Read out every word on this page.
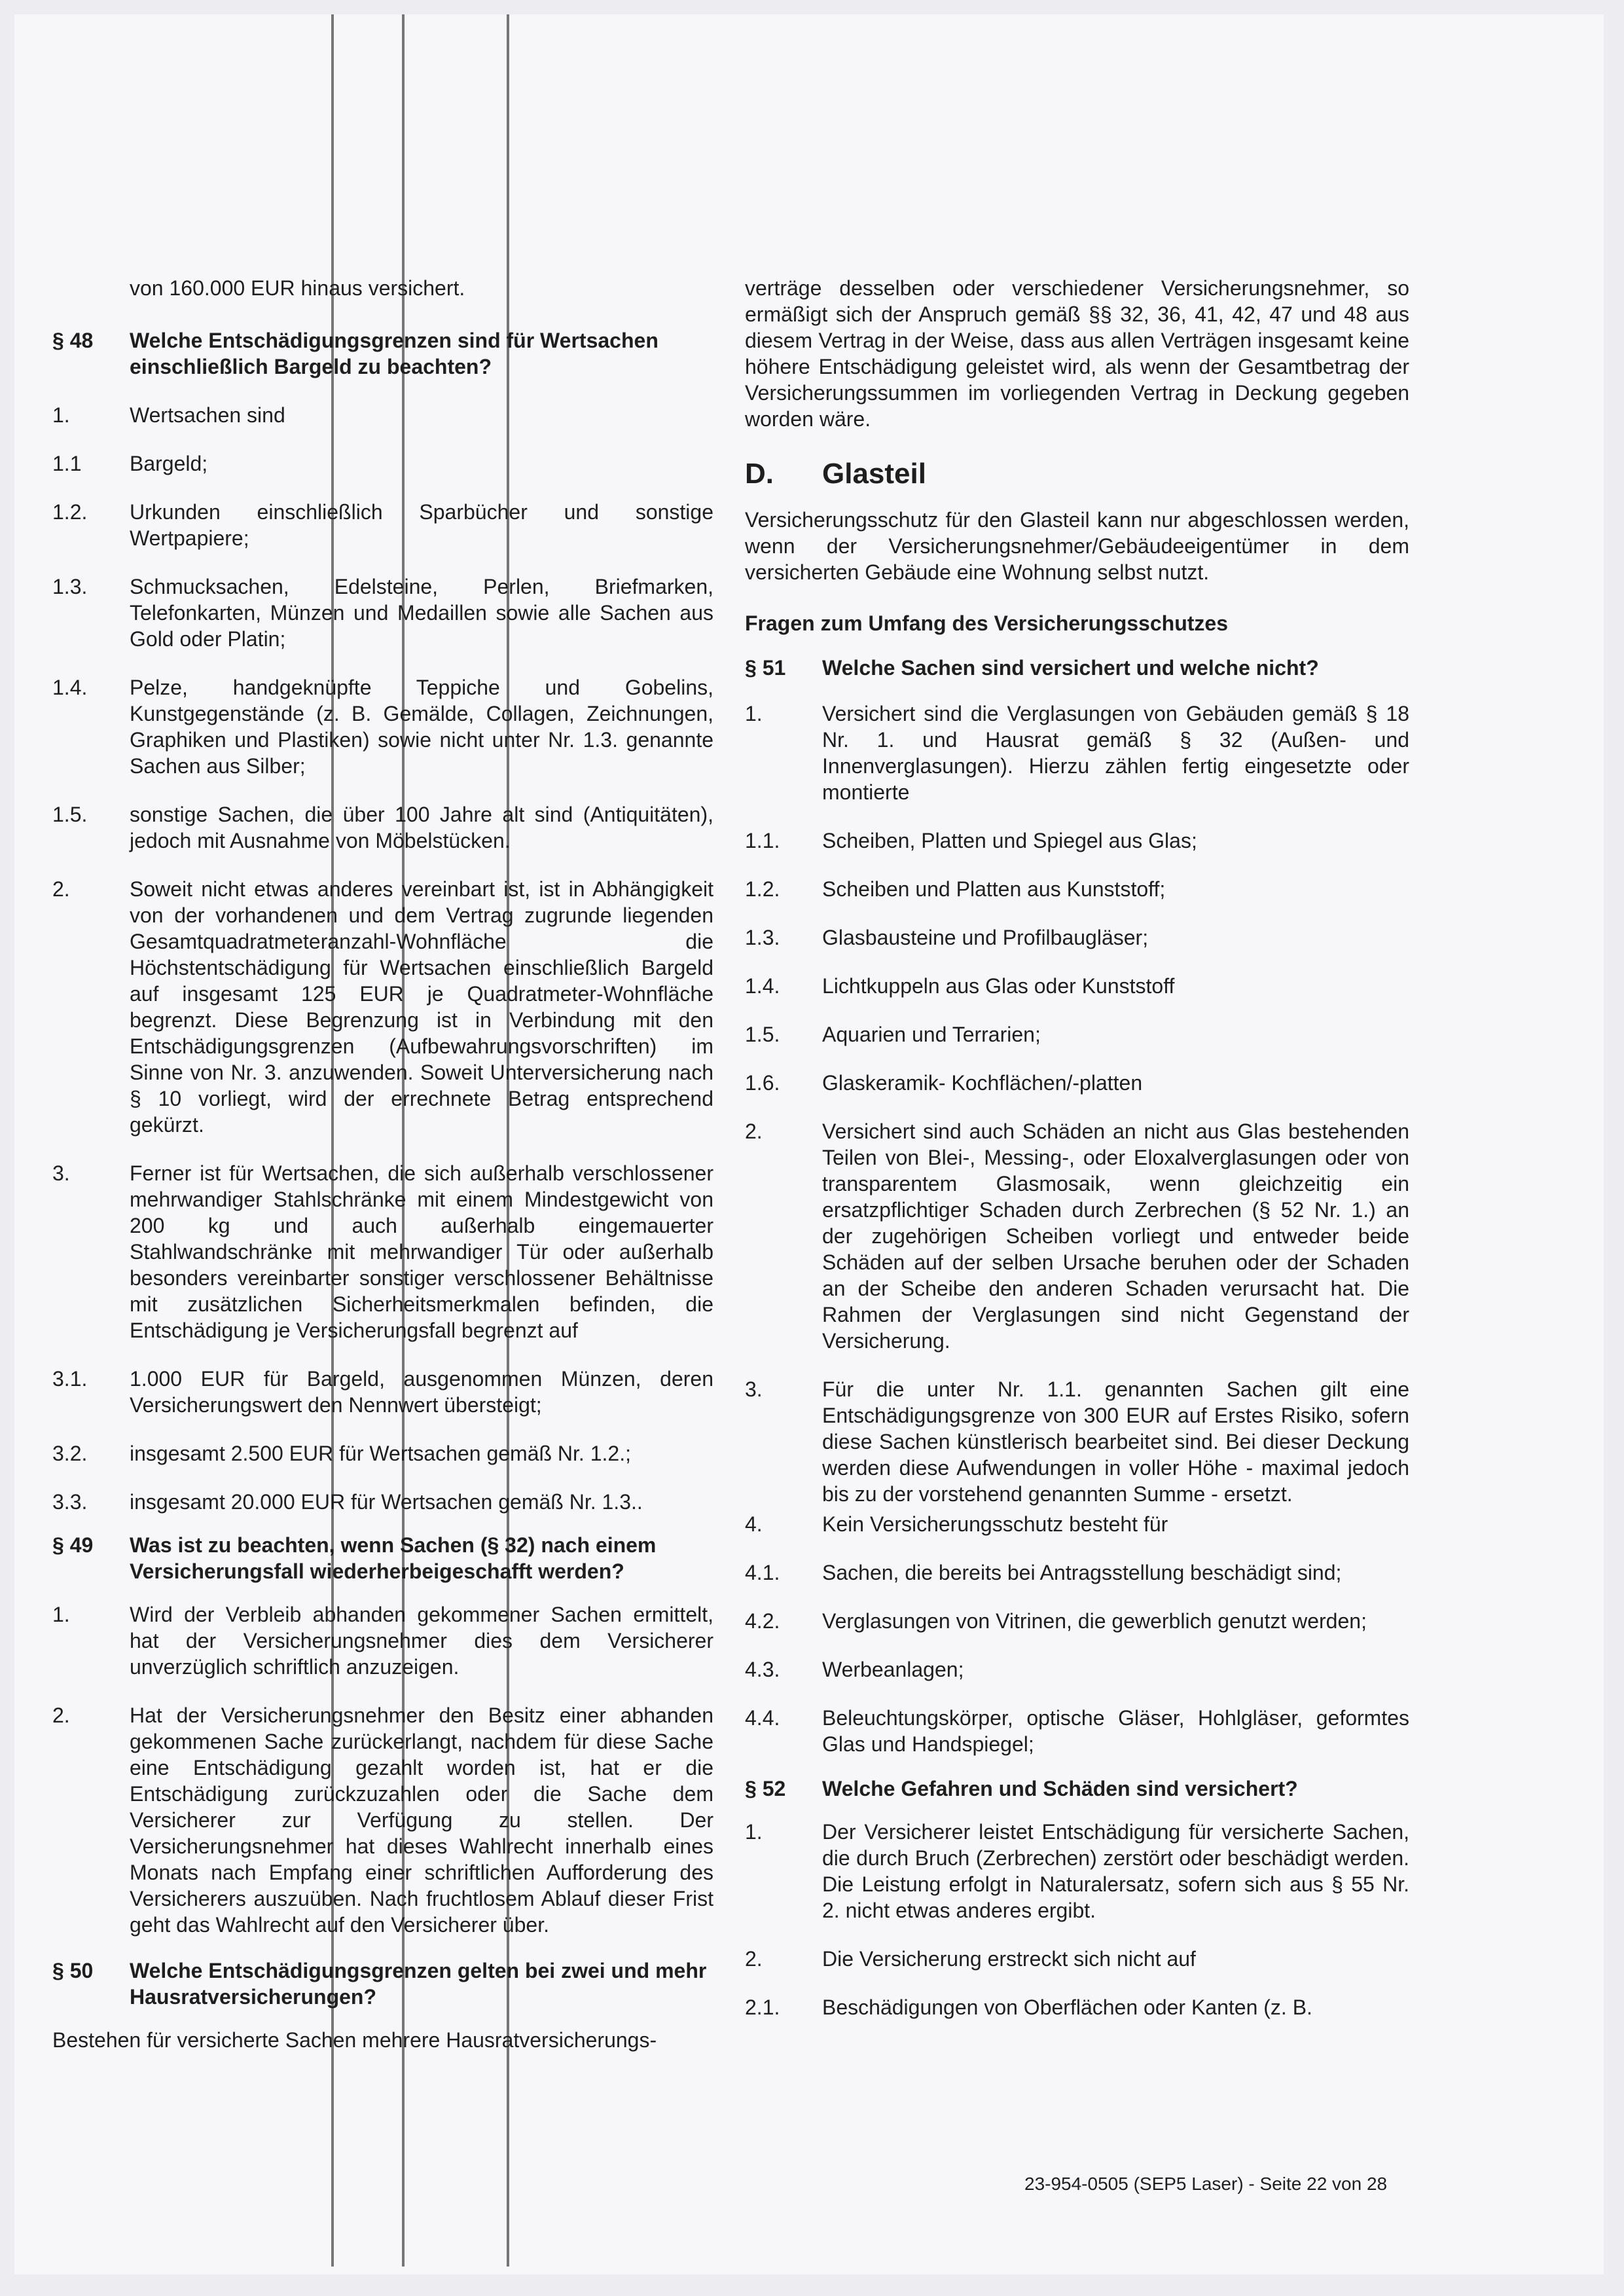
von 160.000 EUR hinaus versichert.
§ 48	Welche Entschädigungsgrenzen sind für Wertsachen einschließlich Bargeld zu beachten?
1.	Wertsachen sind
1.1	Bargeld;
1.2.	Urkunden einschließlich Sparbücher und sonstige Wertpapiere;
1.3.	Schmucksachen, Edelsteine, Perlen, Briefmarken, Telefonkarten, Münzen und Medaillen sowie alle Sachen aus Gold oder Platin;
1.4.	Pelze, handgeknüpfte Teppiche und Gobelins, Kunstgegenstände (z. B. Gemälde, Collagen, Zeichnungen, Graphiken und Plastiken) sowie nicht unter Nr. 1.3. genannte Sachen aus Silber;
1.5.	sonstige Sachen, die über 100 Jahre alt sind (Antiquitäten), jedoch mit Ausnahme von Möbelstücken.
2.	Soweit nicht etwas anderes vereinbart ist, ist in Abhängigkeit von der vorhandenen und dem Vertrag zugrunde liegenden Gesamtquadratmeteranzahl-Wohnfläche die Höchstentschädigung für Wertsachen einschließlich Bargeld auf insgesamt 125 EUR je Quadratmeter-Wohnfläche begrenzt. Diese Begrenzung ist in Verbindung mit den Entschädigungsgrenzen (Aufbewahrungsvorschriften) im Sinne von Nr. 3. anzuwenden. Soweit Unterversicherung nach § 10 vorliegt, wird der errechnete Betrag entsprechend gekürzt.
3.	Ferner ist für Wertsachen, die sich außerhalb verschlossener mehrwandiger Stahlschränke mit einem Mindestgewicht von 200 kg und auch außerhalb eingemauerter Stahlwandschränke mit mehrwandiger Tür oder außerhalb besonders vereinbarter sonstiger verschlossener Behältnisse mit zusätzlichen Sicherheitsmerkmalen befinden, die Entschädigung je Versicherungsfall begrenzt auf
3.1.	1.000 EUR für Bargeld, ausgenommen Münzen, deren Versicherungswert den Nennwert übersteigt;
3.2.	insgesamt 2.500 EUR für Wertsachen gemäß Nr. 1.2.;
3.3.	insgesamt 20.000 EUR für Wertsachen gemäß Nr. 1.3..
§ 49	Was ist zu beachten, wenn Sachen (§ 32) nach einem Versicherungsfall wiederherbeigeschafft werden?
1.	Wird der Verbleib abhanden gekommener Sachen ermittelt, hat der Versicherungsnehmer dies dem Versicherer unverzüglich schriftlich anzuzeigen.
2.	Hat der Versicherungsnehmer den Besitz einer abhanden gekommenen Sache zurückerlangt, nachdem für diese Sache eine Entschädigung gezahlt worden ist, hat er die Entschädigung zurückzuzahlen oder die Sache dem Versicherer zur Verfügung zu stellen. Der Versicherungsnehmer hat dieses Wahlrecht innerhalb eines Monats nach Empfang einer schriftlichen Aufforderung des Versicherers auszuüben. Nach fruchtlosem Ablauf dieser Frist geht das Wahlrecht auf den Versicherer über.
§ 50	Welche Entschädigungsgrenzen gelten bei zwei und mehr Hausratversicherungen?
Bestehen für versicherte Sachen mehrere Hausratversicherungs-
verträge desselben oder verschiedener Versicherungsnehmer, so ermäßigt sich der Anspruch gemäß §§ 32, 36, 41, 42, 47 und 48 aus diesem Vertrag in der Weise, dass aus allen Verträgen insgesamt keine höhere Entschädigung geleistet wird, als wenn der Gesamtbetrag der Versicherungssummen im vorliegenden Vertrag in Deckung gegeben worden wäre.
D.	Glasteil
Versicherungsschutz für den Glasteil kann nur abgeschlossen werden, wenn der Versicherungsnehmer/Gebäudeeigentümer in dem versicherten Gebäude eine Wohnung selbst nutzt.
Fragen zum Umfang des Versicherungsschutzes
§ 51	Welche Sachen sind versichert und welche nicht?
1.	Versichert sind die Verglasungen von Gebäuden gemäß § 18 Nr. 1. und Hausrat gemäß § 32 (Außen- und Innenverglasungen). Hierzu zählen fertig eingesetzte oder montierte
1.1.	Scheiben, Platten und Spiegel aus Glas;
1.2.	Scheiben und Platten aus Kunststoff;
1.3.	Glasbausteine und Profilbaugläser;
1.4.	Lichtkuppeln aus Glas oder Kunststoff
1.5.	Aquarien und Terrarien;
1.6.	Glaskeramik- Kochflächen/-platten
2.	Versichert sind auch Schäden an nicht aus Glas bestehenden Teilen von Blei-, Messing-, oder Eloxalverglasungen oder von transparentem Glasmosaik, wenn gleichzeitig ein ersatzpflichtiger Schaden durch Zerbrechen (§ 52 Nr. 1.) an der zugehörigen Scheiben vorliegt und entweder beide Schäden auf der selben Ursache beruhen oder der Schaden an der Scheibe den anderen Schaden verursacht hat. Die Rahmen der Verglasungen sind nicht Gegenstand der Versicherung.
3.	Für die unter Nr. 1.1. genannten Sachen gilt eine Entschädigungsgrenze von 300 EUR auf Erstes Risiko, sofern diese Sachen künstlerisch bearbeitet sind. Bei dieser Deckung werden diese Aufwendungen in voller Höhe - maximal jedoch bis zu der vorstehend genannten Summe - ersetzt.
4.	Kein Versicherungsschutz besteht für
4.1.	Sachen, die bereits bei Antragsstellung beschädigt sind;
4.2.	Verglasungen von Vitrinen, die gewerblich genutzt werden;
4.3.	Werbeanlagen;
4.4.	Beleuchtungskörper, optische Gläser, Hohlgläser, geformtes Glas und Handspiegel;
§ 52	Welche Gefahren und Schäden sind versichert?
1.	Der Versicherer leistet Entschädigung für versicherte Sachen, die durch Bruch (Zerbrechen) zerstört oder beschädigt werden. Die Leistung erfolgt in Naturalersatz, sofern sich aus § 55 Nr. 2. nicht etwas anderes ergibt.
2.	Die Versicherung erstreckt sich nicht auf
2.1.	Beschädigungen von Oberflächen oder Kanten (z. B.
23-954-0505 (SEP5 Laser) - Seite 22 von 28
